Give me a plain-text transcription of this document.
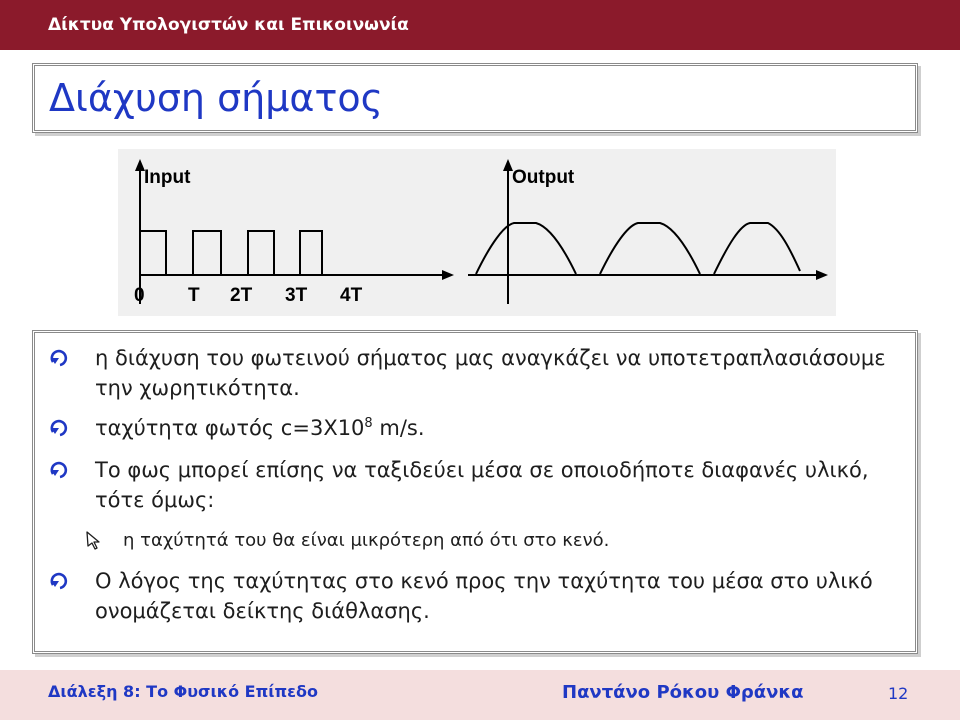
Δίκτυα Υπολογιστών και Επικοινωνία
Διάχυση σήματος
Input
0 T 2T 3T 4T
Output
η διάχυση του φωτεινού σήματος μας αναγκάζει να υποτετραπλασιάσουμε την χωρητικότητα.
ταχύτητα φωτός $c=3X10^8$ m/s.
Το φως μπορεί επίσης να ταξιδεύει μέσα σε οποιοδήποτε διαφανές υλικό, τότε όμως:
η ταχύτητά του θα είναι μικρότερη από ότι στο κενό.
Ο λόγος της ταχύτητας στο κενό προς την ταχύτητα του μέσα στο υλικό ονομάζεται δείκτης διάθλασης.
Διάλεξη 8: Το Φυσικό Επίπεδο	Παντάνο Ρόκου Φράνκα	12
